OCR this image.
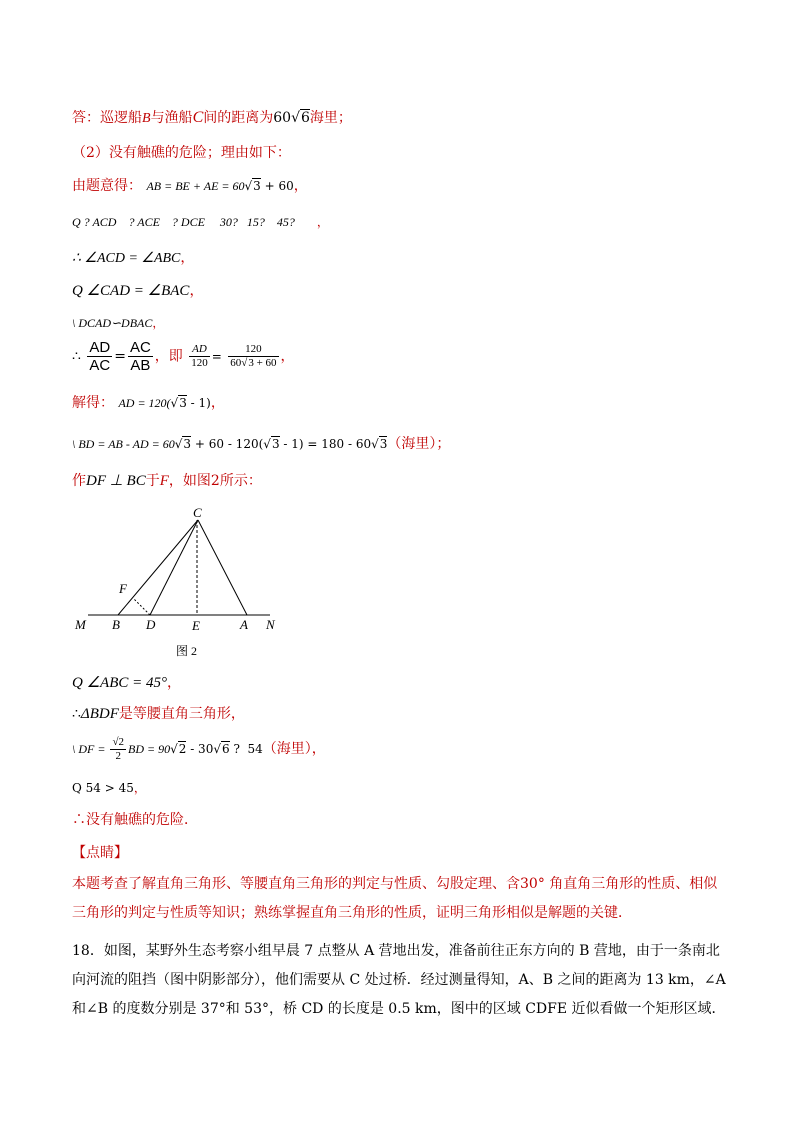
答：巡逻船B与渔船C间的距离为60√6海里；
（2）没有触礁的危险；理由如下：
由题意得： AB = BE + AE = 60√3 + 60，
Q ? ACD    ? ACE    ? DCE     30?   15?    45? ，
∴ ∠ACD = ∠ABC，
Q ∠CAD = ∠BAC，
\ DCAD∽DBAC，
∴ $\frac{AD}{AC} = \frac{AC}{AB}$ ，即 $\frac{AD}{120} = \frac{120}{60√3 + 60}$ ，
解得： AD = 120(√3 - 1)，
\ BD = AB - AD = 60√3 + 60 - 120(√3 - 1) = 180 - 60√3（海里）；
作DF ⊥ BC于F，如图2所示：
C
F
M B D	E	A N
图 2
Q ∠ABC = 45°，
∴ΔBDF是等腰直角三角形，
\ DF = $\frac{√2}{2}$ BD = 90√2 - 30√6 ?  54（海里），
Q 54 > 45，
∴没有触礁的危险．
【点睛】
本题考查了解直角三角形、等腰直角三角形的判定与性质、勾股定理、含30° 角直角三角形的性质、相似三角形的判定与性质等知识；熟练掌握直角三角形的性质，证明三角形相似是解题的关键．
18．如图，某野外生态考察小组早晨 7 点整从 A 营地出发，准备前往正东方向的 B 营地，由于一条南北向河流的阻挡（图中阴影部分），他们需要从 C 处过桥．经过测量得知，A、B 之间的距离为 13 km，∠A 和∠B 的度数分别是 37°和 53°，桥 CD 的长度是 0.5 km，图中的区域 CDFE 近似看做一个矩形区域．
